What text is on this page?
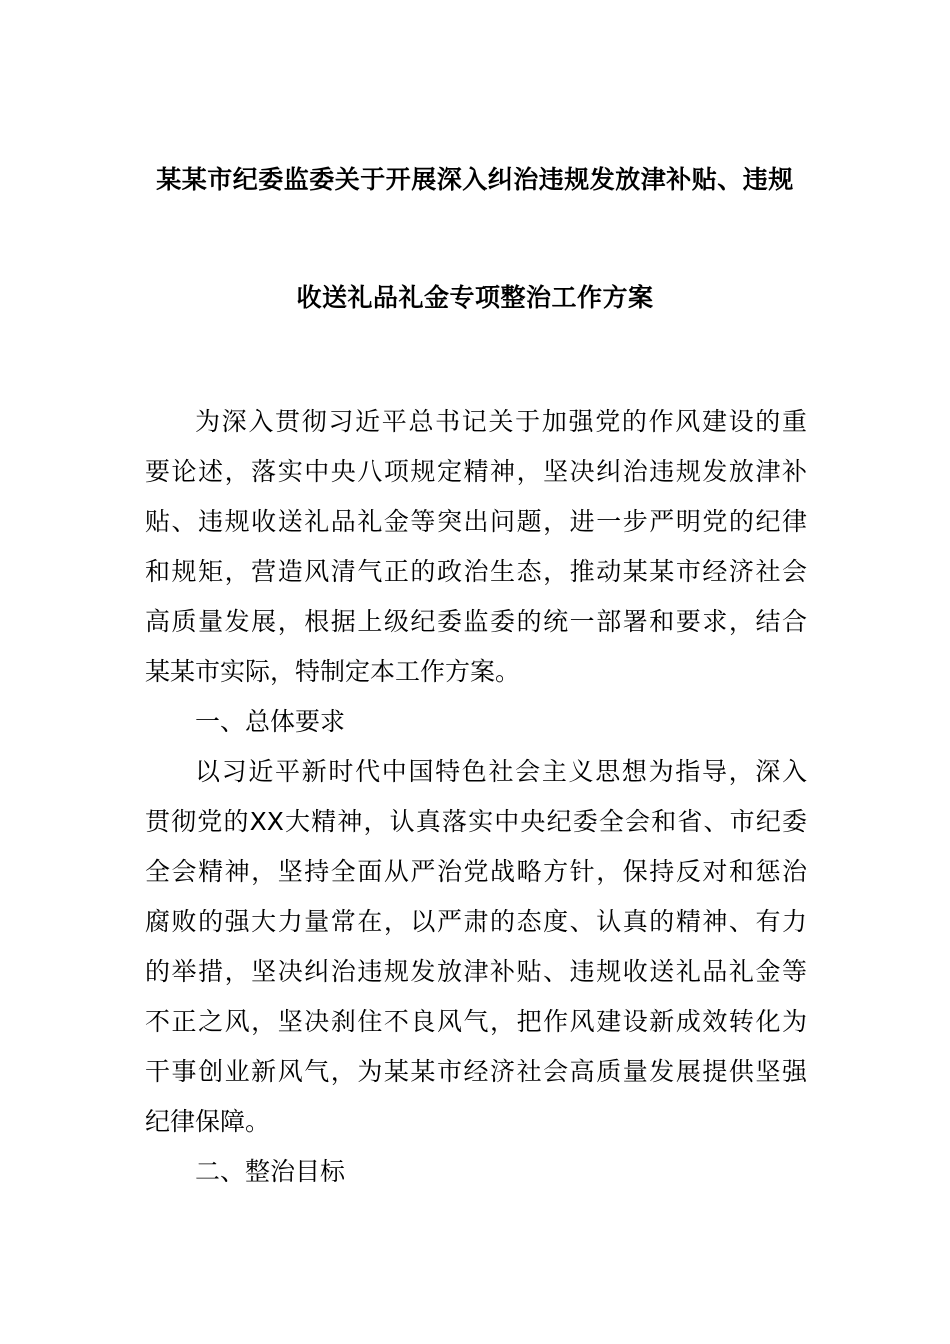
某某市纪委监委关于开展深入纠治违规发放津补贴、违规
收送礼品礼金专项整治工作方案
为深入贯彻习近平总书记关于加强党的作风建设的重
要论述，落实中央八项规定精神，坚决纠治违规发放津补
贴、违规收送礼品礼金等突出问题，进一步严明党的纪律
和规矩，营造风清气正的政治生态，推动某某市经济社会
高质量发展，根据上级纪委监委的统一部署和要求，结合
某某市实际，特制定本工作方案。
一、总体要求
以习近平新时代中国特色社会主义思想为指导，深入
贯彻党的XX大精神，认真落实中央纪委全会和省、市纪委
全会精神，坚持全面从严治党战略方针，保持反对和惩治
腐败的强大力量常在，以严肃的态度、认真的精神、有力
的举措，坚决纠治违规发放津补贴、违规收送礼品礼金等
不正之风，坚决刹住不良风气，把作风建设新成效转化为
干事创业新风气，为某某市经济社会高质量发展提供坚强
纪律保障。
二、整治目标
